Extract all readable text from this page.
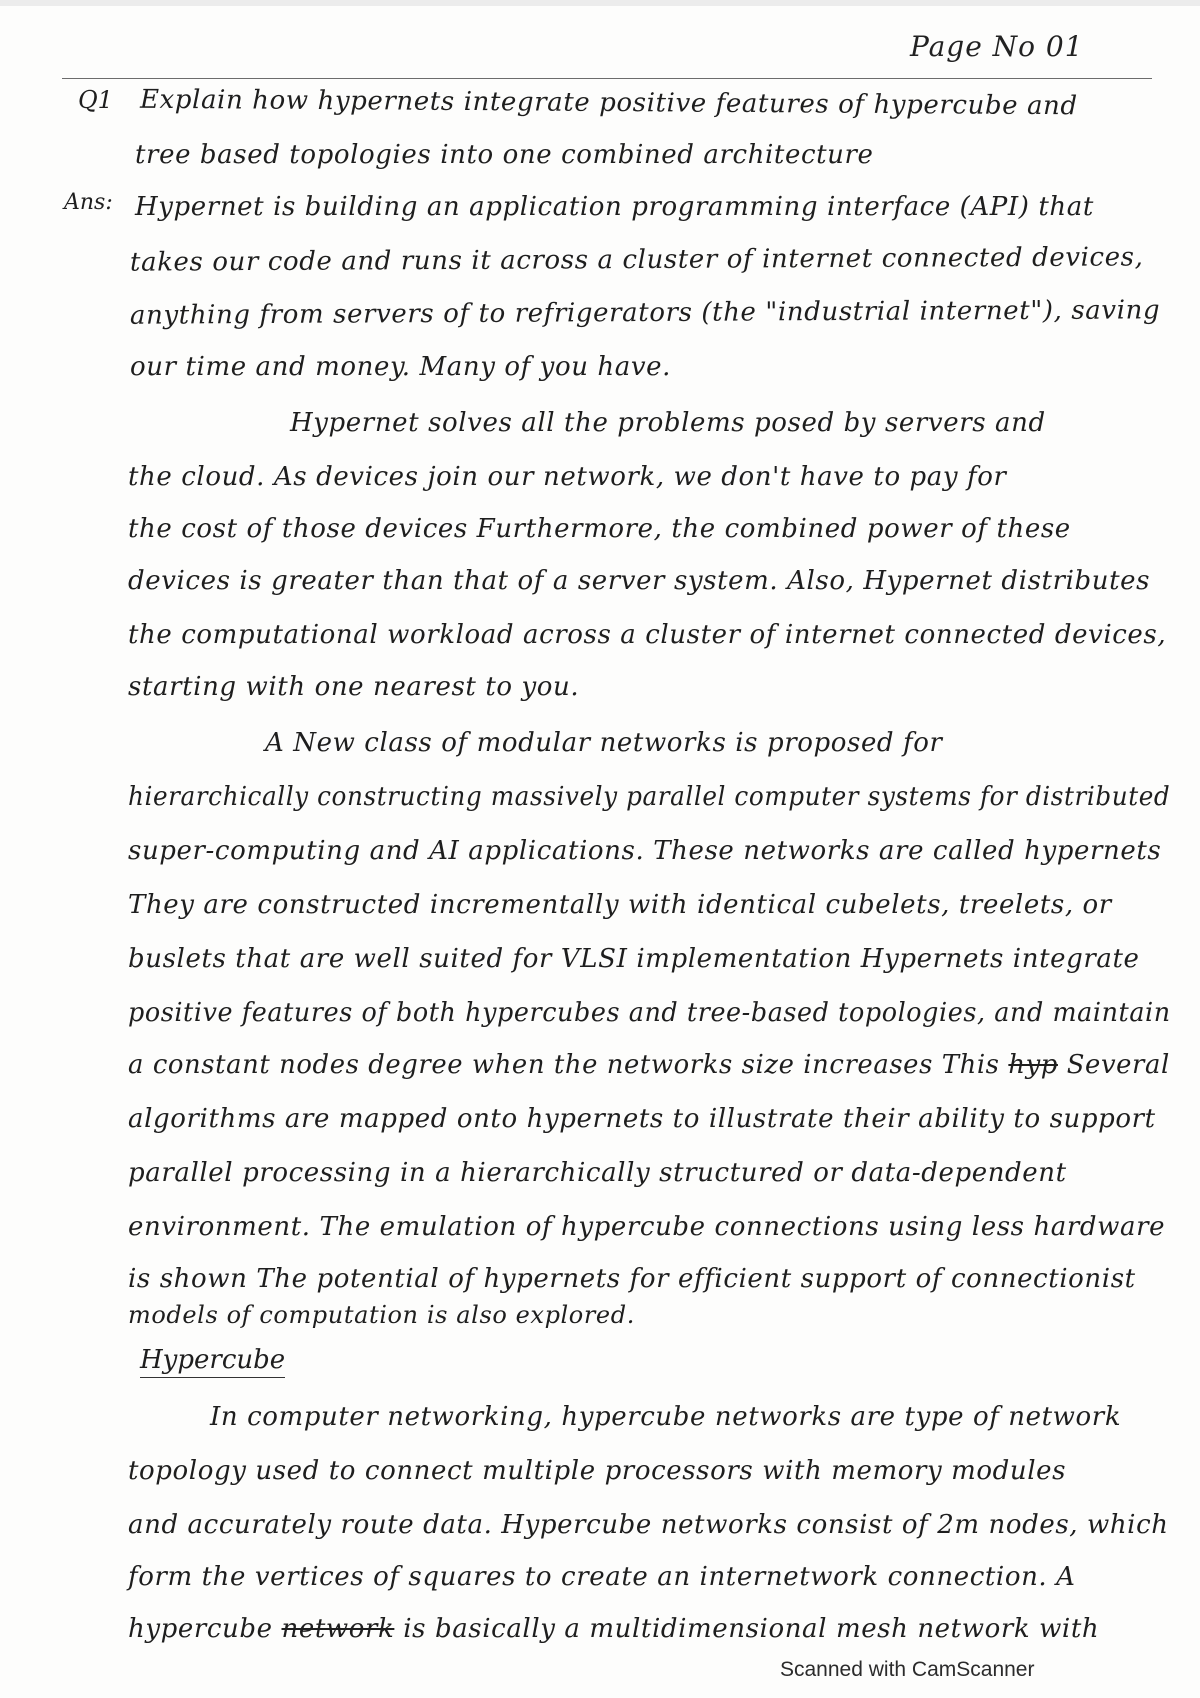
Page No 01
Q1 Explain how hypernets integrate positive features of hypercube and
tree based topologies into one combined architecture
Ans: Hypernet is building an application programming interface (API) that
takes our code and runs it across a cluster of internet connected devices,
anything from servers of to refrigerators (the "industrial internet"), saving
our time and money. Many of you have.
Hypernet solves all the problems posed by servers and
the cloud. As devices join our network, we don't have to pay for
the cost of those devices Furthermore, the combined power of these
devices is greater than that of a server system. Also, Hypernet distributes
the computational workload across a cluster of internet connected devices,
starting with one nearest to you.
A New class of modular networks is proposed for
hierarchically constructing massively parallel computer systems for distributed
super-computing and AI applications. These networks are called hypernets
They are constructed incrementally with identical cubelets, treelets, or
buslets that are well suited for VLSI implementation Hypernets integrate
positive features of both hypercubes and tree-based topologies, and maintain
a constant nodes degree when the networks size increases This hyp Several
algorithms are mapped onto hypernets to illustrate their ability to support
parallel processing in a hierarchically structured or data-dependent
environment. The emulation of hypercube connections using less hardware
is shown The potential of hypernets for efficient support of connectionist
models of computation is also explored.
Hypercube
In computer networking, hypercube networks are type of network
topology used to connect multiple processors with memory modules
and accurately route data. Hypercube networks consist of 2m nodes, which
form the vertices of squares to create an internetwork connection. A
hypercube network is basically a multidimensional mesh network with
Scanned with CamScanner
